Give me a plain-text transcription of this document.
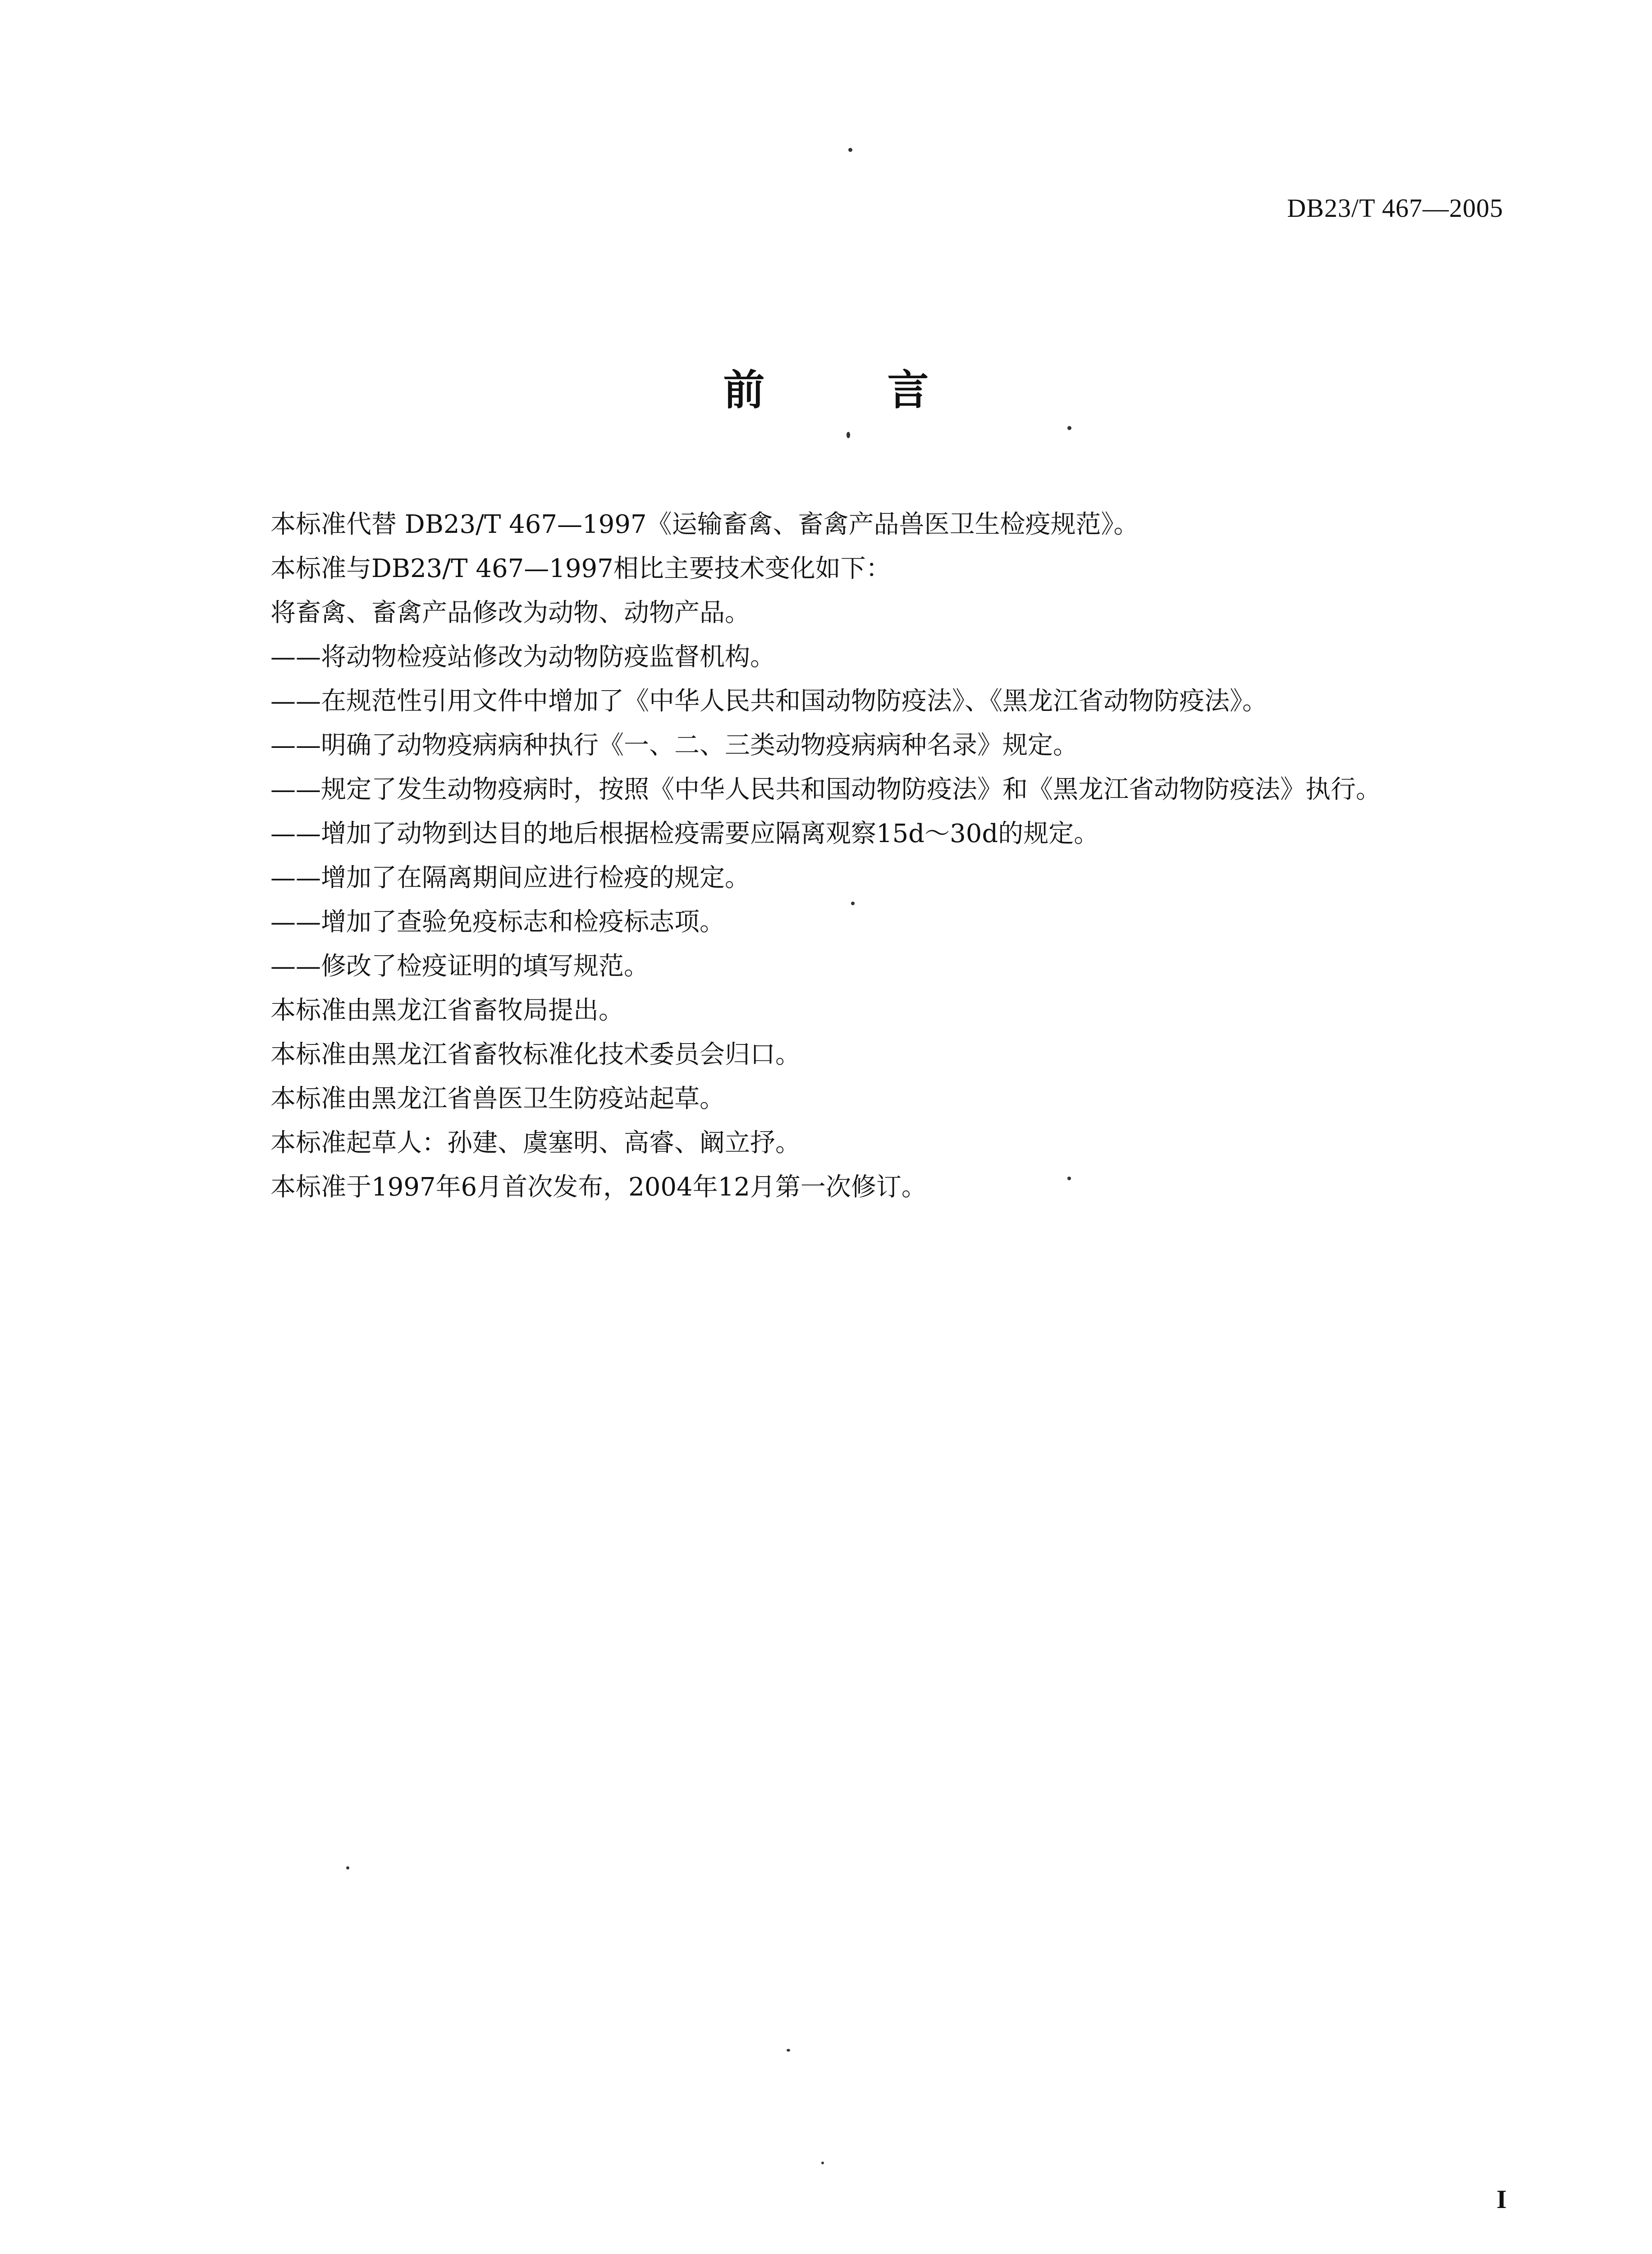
DB23/T 467—2005
前 言
本标准代替 DB23/T 467—1997《运输畜禽、畜禽产品兽医卫生检疫规范》。
本标准与DB23/T 467—1997相比主要技术变化如下：
将畜禽、畜禽产品修改为动物、动物产品。
——将动物检疫站修改为动物防疫监督机构。
——在规范性引用文件中增加了《中华人民共和国动物防疫法》、《黑龙江省动物防疫法》。
——明确了动物疫病病种执行《一、二、三类动物疫病病种名录》规定。
——规定了发生动物疫病时，按照《中华人民共和国动物防疫法》和《黑龙江省动物防疫法》执行。
——增加了动物到达目的地后根据检疫需要应隔离观察15d～30d的规定。
——增加了在隔离期间应进行检疫的规定。
——增加了查验免疫标志和检疫标志项。
——修改了检疫证明的填写规范。
本标准由黑龙江省畜牧局提出。
本标准由黑龙江省畜牧标准化技术委员会归口。
本标准由黑龙江省兽医卫生防疫站起草。
本标准起草人：孙建、虞塞明、高睿、阚立抒。
本标准于1997年6月首次发布，2004年12月第一次修订。
I
